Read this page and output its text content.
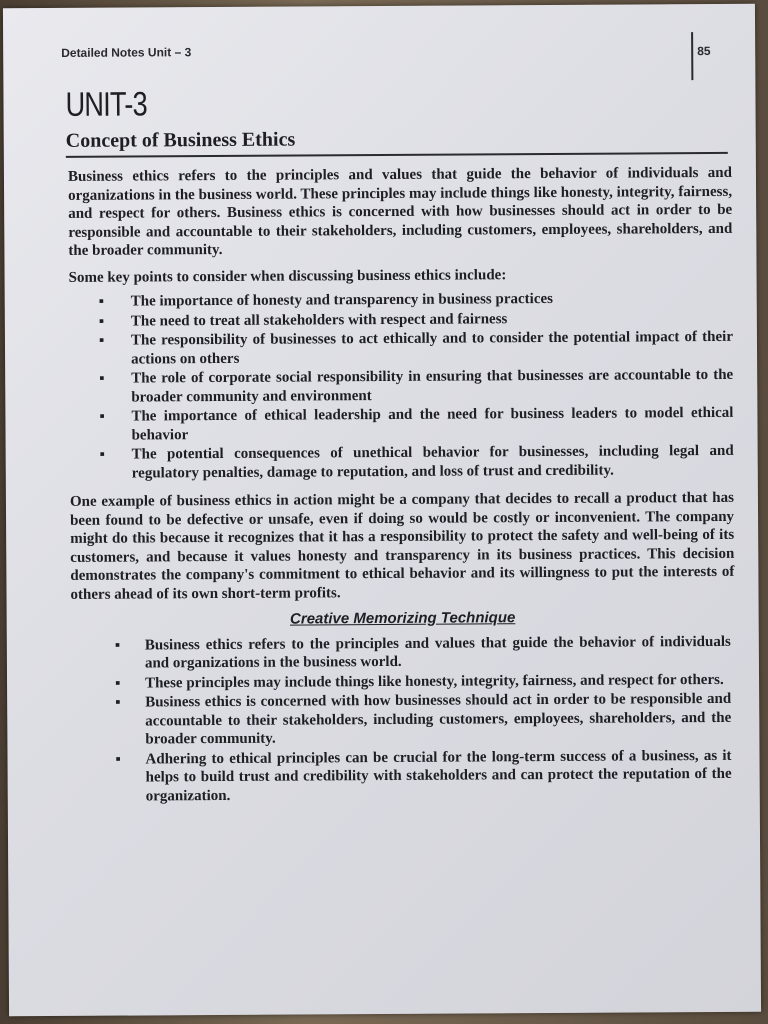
Detailed Notes Unit – 3	85
UNIT-3
Concept of Business Ethics

Business ethics refers to the principles and values that guide the behavior of individuals and organizations in the business world. These principles may include things like honesty, integrity, fairness, and respect for others. Business ethics is concerned with how businesses should act in order to be responsible and accountable to their stakeholders, including customers, employees, shareholders, and the broader community.

Some key points to consider when discussing business ethics include:

▪ The importance of honesty and transparency in business practices
▪ The need to treat all stakeholders with respect and fairness
▪ The responsibility of businesses to act ethically and to consider the potential impact of their actions on others
▪ The role of corporate social responsibility in ensuring that businesses are accountable to the broader community and environment
▪ The importance of ethical leadership and the need for business leaders to model ethical behavior
▪ The potential consequences of unethical behavior for businesses, including legal and regulatory penalties, damage to reputation, and loss of trust and credibility.

One example of business ethics in action might be a company that decides to recall a product that has been found to be defective or unsafe, even if doing so would be costly or inconvenient. The company might do this because it recognizes that it has a responsibility to protect the safety and well-being of its customers, and because it values honesty and transparency in its business practices. This decision demonstrates the company's commitment to ethical behavior and its willingness to put the interests of others ahead of its own short-term profits.

Creative Memorizing Technique
▪ Business ethics refers to the principles and values that guide the behavior of individuals and organizations in the business world.
▪ These principles may include things like honesty, integrity, fairness, and respect for others.
▪ Business ethics is concerned with how businesses should act in order to be responsible and accountable to their stakeholders, including customers, employees, shareholders, and the broader community.
▪ Adhering to ethical principles can be crucial for the long-term success of a business, as it helps to build trust and credibility with stakeholders and can protect the reputation of the organization.
